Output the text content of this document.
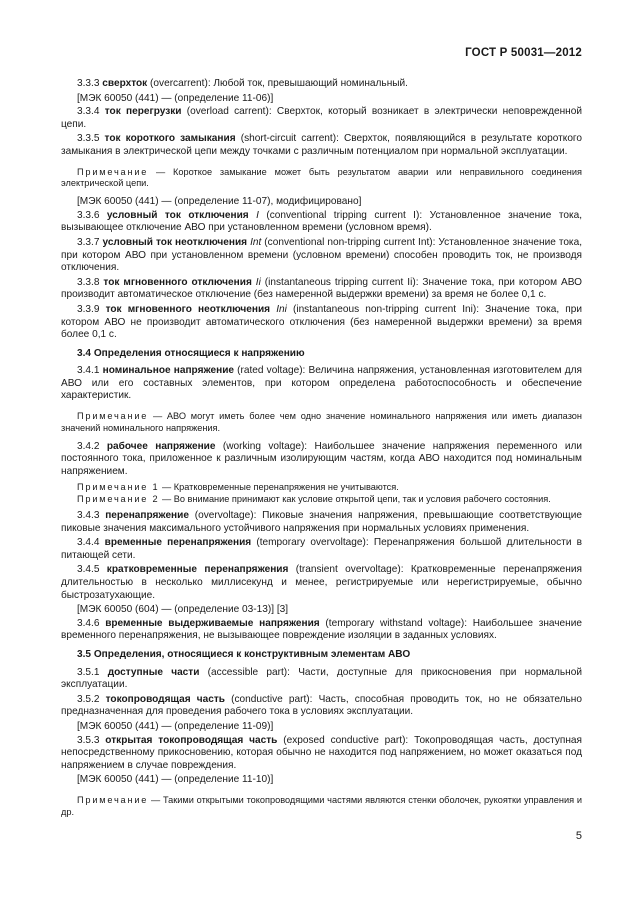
ГОСТ Р 50031—2012

3.3.3 сверхток (overcarrent): Любой ток, превышающий номинальный.

[МЭК 60050 (441) — (определение 11-06)]

3.3.4 ток перегрузки (overload carrent): Сверхток, который возникает в электрически неповрежденной цепи.

3.3.5 ток короткого замыкания (short-circuit carrent): Сверхток, появляющийся в результате короткого замыкания в электрической цепи между точками с различным потенциалом при нормальной эксплуатации.

Примечание — Короткое замыкание может быть результатом аварии или неправильного соединения электрической цепи.

[МЭК 60050 (441) — (определение 11-07), модифицировано]

3.3.6 условный ток отключения I (conventional tripping current I): Установленное значение тока, вызывающее отключение АВО при установленном времени (условном время).

3.3.7 условный ток неотключения Int (conventional non-tripping current Int): Установленное значение тока, при котором АВО при установленном времени (условном времени) способен проводить ток, не производя отключения.

3.3.8 ток мгновенного отключения Ii (instantaneous tripping current Ii): Значение тока, при котором АВО производит автоматическое отключение (без намеренной выдержки времени) за время не более 0,1 c.

3.3.9 ток мгновенного неотключения Ini (instantaneous non-tripping current Ini): Значение тока, при котором АВО не производит автоматического отключения (без намеренной выдержки времени) за время более 0,1 c.

3.4 Определения относящиеся к напряжению

3.4.1 номинальное напряжение (rated voltage): Величина напряжения, установленная изготовителем для АВО или его составных элементов, при котором определена работоспособность и обеспечение характеристик.

Примечание — АВО могут иметь более чем одно значение номинального напряжения или иметь диапазон значений номинального напряжения.

3.4.2 рабочее напряжение (working voltage): Наибольшее значение напряжения переменного или постоянного тока, приложенное к различным изолирующим частям, когда АВО находится под номинальным напряжением.

Примечание 1 — Кратковременные перенапряжения не учитываются.

Примечание 2 — Во внимание принимают как условие открытой цепи, так и условия рабочего состояния.

3.4.3 перенапряжение (overvoltage): Пиковые значения напряжения, превышающие соответствующие пиковые значения максимального устойчивого напряжения при нормальных условиях применения.

3.4.4 временные перенапряжения (temporary overvoltage): Перенапряжения большой длительности в питающей сети.

3.4.5 кратковременные перенапряжения (transient overvoltage): Кратковременные перенапряжения длительностью в несколько миллисекунд и менее, регистрируемые или нерегистрируемые, обычно быстрозатухающие.

[МЭК 60050 (604) — (определение 03-13)] [3]

3.4.6 временные выдерживаемые напряжения (temporary withstand voltage): Наибольшее значение временного перенапряжения, не вызывающее повреждение изоляции в заданных условиях.

3.5 Определения, относящиеся к конструктивным элементам АВО

3.5.1 доступные части (accessible part): Части, доступные для прикосновения при нормальной эксплуатации.

3.5.2 токопроводящая часть (conductive part): Часть, способная проводить ток, но не обязательно предназначенная для проведения рабочего тока в условиях эксплуатации.

[МЭК 60050 (441) — (определение 11-09)]

3.5.3 открытая токопроводящая часть (exposed conductive part): Токопроводящая часть, доступная непосредственному прикосновению, которая обычно не находится под напряжением, но может оказаться под напряжением в случае повреждения.

[МЭК 60050 (441) — (определение 11-10)]

Примечание — Такими открытыми токопроводящими частями являются стенки оболочек, рукоятки управления и др.

5
